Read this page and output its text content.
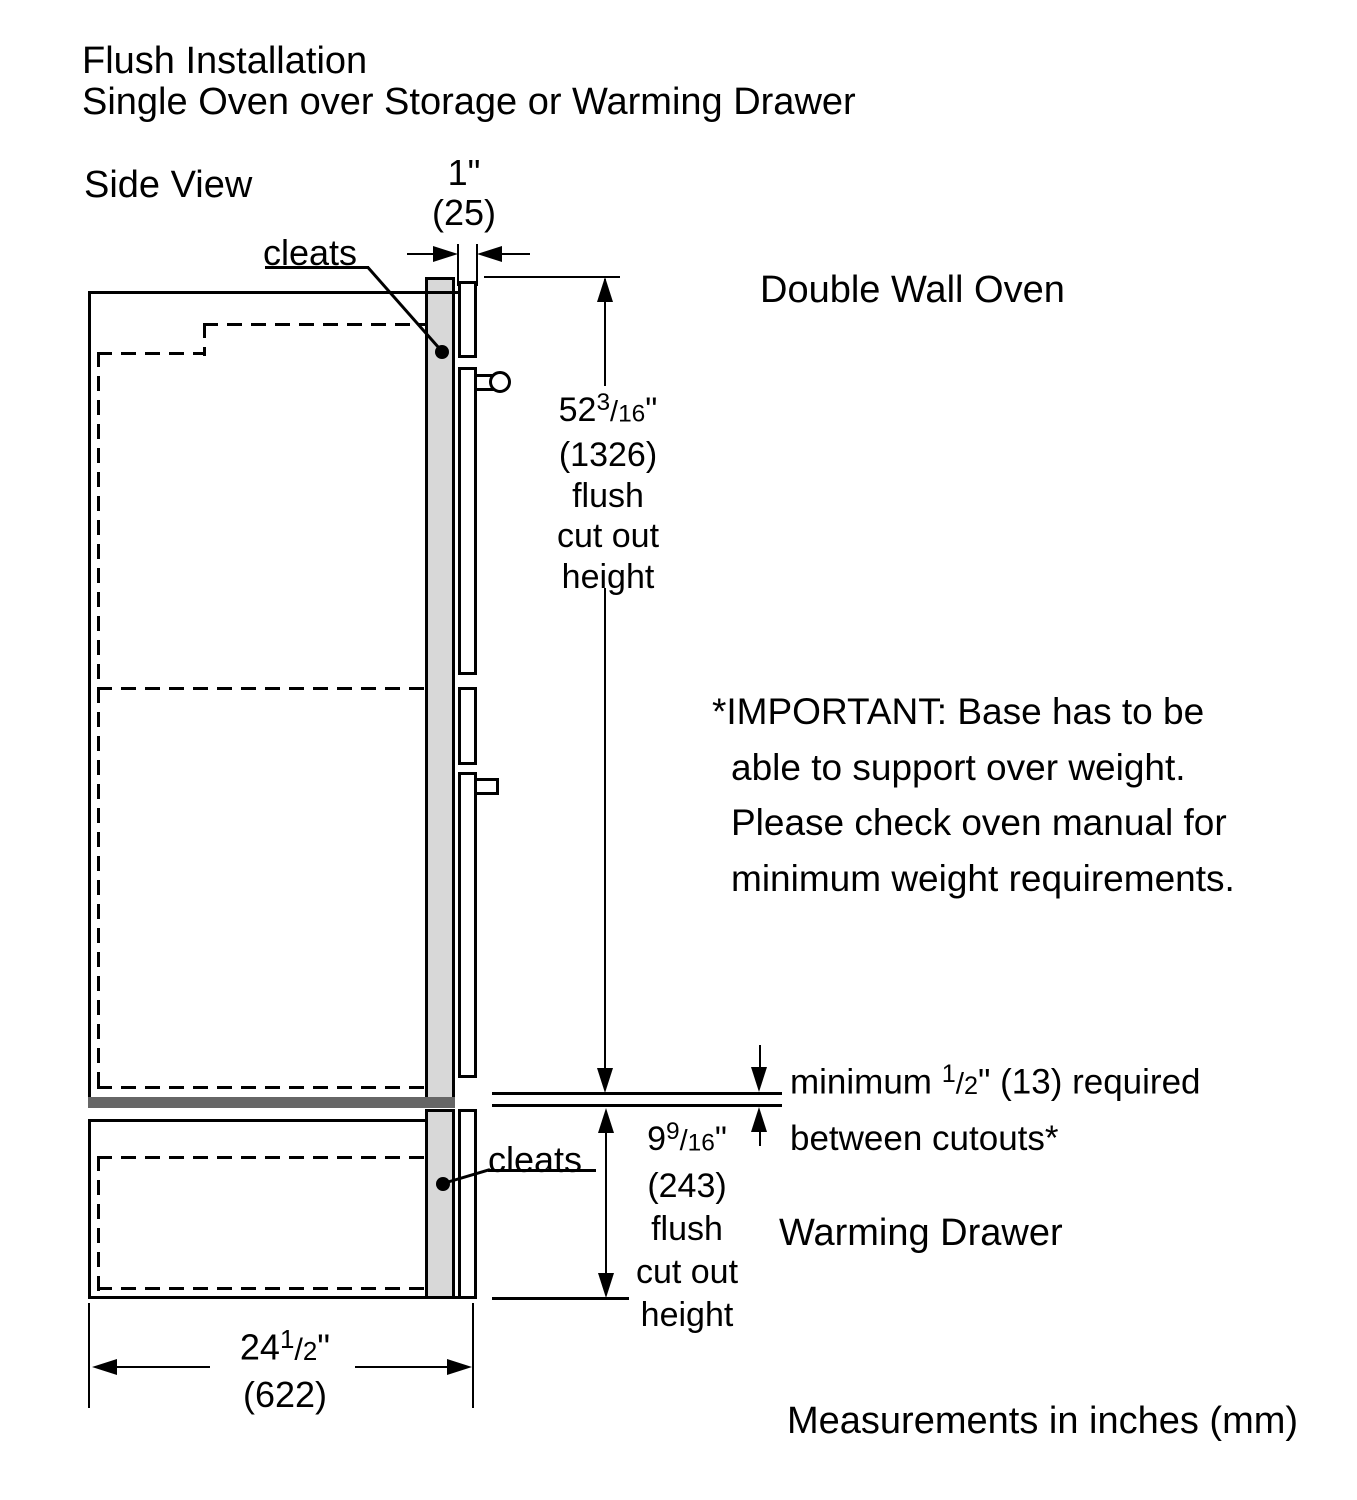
Flush Installation
Single Oven over Storage or Warming Drawer
Side View
cleats
1"
(25)
Double Wall Oven
52$^3$/16"
(1326)
flush
cut out
height
*IMPORTANT: Base has to be
able to support over weight.
Please check oven manual for
minimum weight requirements.
minimum $^1$/2" (13) required
between cutouts*
9$^9$/16"
(243)
flush
cut out
height
cleats
Warming Drawer
24$^1$/2"
(622)
Measurements in inches (mm)
